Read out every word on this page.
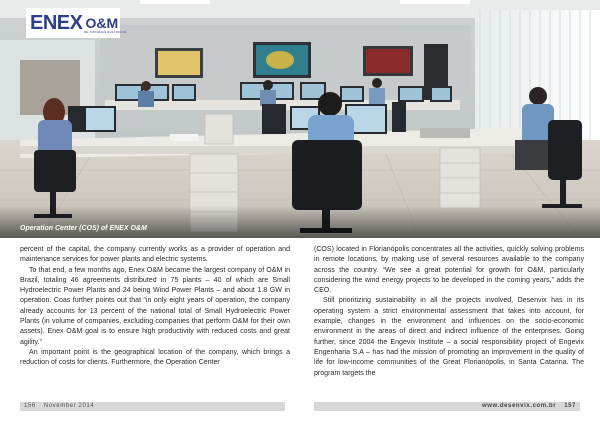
ENEX O&M
DE SISTEMAS ELÉTRICOS
Operation Center (COS) of ENEX O&M

percent of the capital, the company currently works as a provider of operation and maintenance services for power plants and electric systems.

To that end, a few months ago, Enex O&M became the largest company of O&M in Brazil, totaling 46 agreements distributed in 75 plants – 40 of which are Small Hydroelectric Power Plants and 24 being Wind Power Plants – and about 1.8 GW in operation. Coas further points out that “in only eight years of operation, the company already accounts for 13 percent of the national total of Small Hydroelectric Power Plants (in volume of companies, excluding companies that perform O&M for their own assets). Enex O&M goal is to ensure high productivity with reduced costs and great agility.”

An important point is the geographical location of the company, which brings a reduction of costs for clients. Furthermore, the Operation Center

(COS) located in Florianópolis concentrates all the activities, quickly solving problems in remote locations, by making use of several resources available to the company across the country. “We see a great potential for growth for O&M, particularly considering the wind energy projects to be developed in the coming years,” adds the CEO.

Still prioritizing sustainability in all the projects involved, Desenvix has in its operating system a strict environmental assessment that takes into account, for example, changes in the environment and influences on the socio-economic environment in the areas of direct and indirect influence of the enterprises. Going further, since 2004 the Engevix Institute – a social responsibility project of Engevix Engenharia S.A – has had the mission of promoting an improvement in the quality of life for low-income communities of the Great Florianópolis, in Santa Catarina. The program targets the

156 November 2014	www.desenvix.com.br 157
